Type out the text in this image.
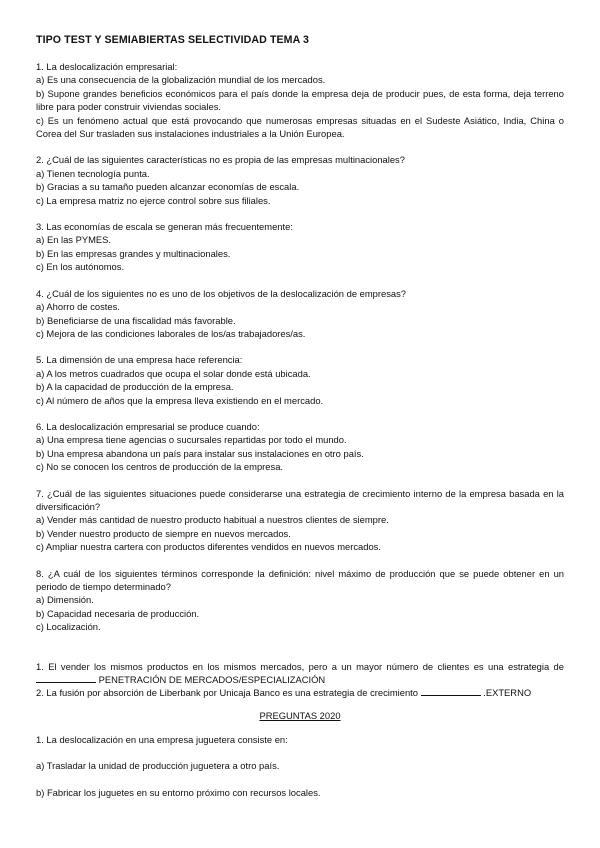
TIPO TEST Y SEMIABIERTAS SELECTIVIDAD TEMA 3

1. La deslocalización empresarial:

a) Es una consecuencia de la globalización mundial de los mercados.

b) Supone grandes beneficios económicos para el país donde la empresa deja de producir pues, de esta forma, deja terreno libre para poder construir viviendas sociales.

c) Es un fenómeno actual que está provocando que numerosas empresas situadas en el Sudeste Asiático, India, China o Corea del Sur trasladen sus instalaciones industriales a la Unión Europea.

2. ¿Cuál de las siguientes características no es propia de las empresas multinacionales?

a) Tienen tecnología punta.

b) Gracias a su tamaño pueden alcanzar economías de escala.

c) La empresa matriz no ejerce control sobre sus filiales.

3. Las economías de escala se generan más frecuentemente:

a) En las PYMES.

b) En las empresas grandes y multinacionales.

c) En los autónomos.

4. ¿Cuál de los siguientes no es uno de los objetivos de la deslocalización de empresas?

a) Ahorro de costes.

b) Beneficiarse de una fiscalidad más favorable.

c) Mejora de las condiciones laborales de los/as trabajadores/as.

5. La dimensión de una empresa hace referencia:

a) A los metros cuadrados que ocupa el solar donde está ubicada.

b) A la capacidad de producción de la empresa.

c) Al número de años que la empresa lleva existiendo en el mercado.

6. La deslocalización empresarial se produce cuando:

a) Una empresa tiene agencias o sucursales repartidas por todo el mundo.

b) Una empresa abandona un país para instalar sus instalaciones en otro país.

c) No se conocen los centros de producción de la empresa.

7. ¿Cuál de las siguientes situaciones puede considerarse una estrategia de crecimiento interno de la empresa basada en la diversificación?

a) Vender más cantidad de nuestro producto habitual a nuestros clientes de siempre.

b) Vender nuestro producto de siempre en nuevos mercados.

c) Ampliar nuestra cartera con productos diferentes vendidos en nuevos mercados.

8. ¿A cuál de los siguientes términos corresponde la definición: nivel máximo de producción que se puede obtener en un periodo de tiempo determinado?

a) Dimensión.

b) Capacidad necesaria de producción.

c) Localización.

1. El vender los mismos productos en los mismos mercados, pero a un mayor número de clientes es una estrategia de  PENETRACIÓN DE MERCADOS/ESPECIALIZACIÓN

2. La fusión por absorción de Liberbank por Unicaja Banco es una estrategia de crecimiento	.EXTERNO

PREGUNTAS 2020

1. La deslocalización en una empresa juguetera consiste en:

a) Trasladar la unidad de producción juguetera a otro país.

b) Fabricar los juguetes en su entorno próximo con recursos locales.
